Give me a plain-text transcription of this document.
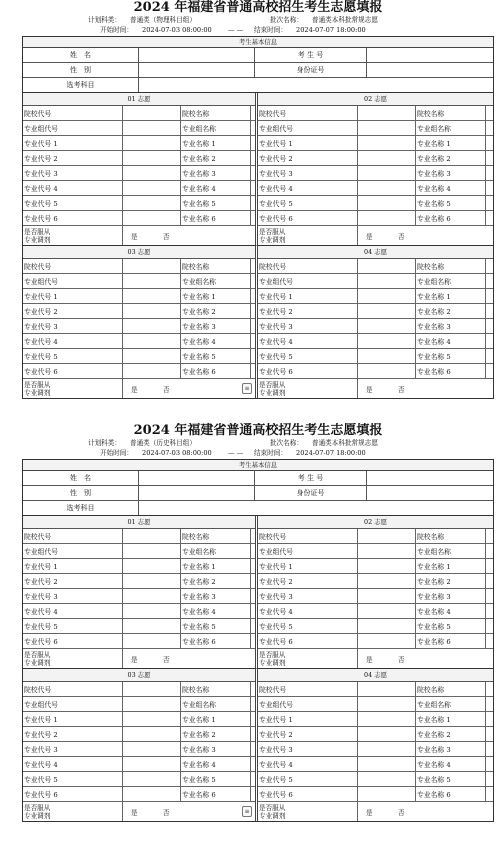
2024 年福建省普通高校招生考生志愿填报
计划科类： 普通类（物理科目组）	批次名称： 普通类本科批常规志愿
开始时间： 2024-07-03 08:00:00 — — 结束时间： 2024-07-07 18:00:00
考生基本信息
姓　名	考 生 号
性　别	身份证号
选考科目
01 志愿
院校代号	院校名称
专业组代号	专业组名称
专业代号 1	专业名称 1
专业代号 2	专业名称 2
专业代号 3	专业名称 3
专业代号 4	专业名称 4
专业代号 5	专业名称 5
专业代号 6	专业名称 6
是否服从
专业调剂	是	否
02 志愿
院校代号	院校名称
专业组代号	专业组名称
专业代号 1	专业名称 1
专业代号 2	专业名称 2
专业代号 3	专业名称 3
专业代号 4	专业名称 4
专业代号 5	专业名称 5
专业代号 6	专业名称 6
是否服从
专业调剂	是	否
03 志愿
院校代号	院校名称
专业组代号	专业组名称
专业代号 1	专业名称 1
专业代号 2	专业名称 2
专业代号 3	专业名称 3
专业代号 4	专业名称 4
专业代号 5	专业名称 5
专业代号 6	专业名称 6
是否服从
专业调剂	是	否	≡
04 志愿
院校代号	院校名称
专业组代号	专业组名称
专业代号 1	专业名称 1
专业代号 2	专业名称 2
专业代号 3	专业名称 3
专业代号 4	专业名称 4
专业代号 5	专业名称 5
专业代号 6	专业名称 6
是否服从
专业调剂	是	否
2024 年福建省普通高校招生考生志愿填报
计划科类： 普通类（历史科目组）	批次名称： 普通类本科批常规志愿
开始时间： 2024-07-03 08:00:00 — — 结束时间： 2024-07-07 18:00:00
考生基本信息
姓　名	考 生 号
性　别	身份证号
选考科目
01 志愿
院校代号	院校名称
专业组代号	专业组名称
专业代号 1	专业名称 1
专业代号 2	专业名称 2
专业代号 3	专业名称 3
专业代号 4	专业名称 4
专业代号 5	专业名称 5
专业代号 6	专业名称 6
是否服从
专业调剂	是	否
02 志愿
院校代号	院校名称
专业组代号	专业组名称
专业代号 1	专业名称 1
专业代号 2	专业名称 2
专业代号 3	专业名称 3
专业代号 4	专业名称 4
专业代号 5	专业名称 5
专业代号 6	专业名称 6
是否服从
专业调剂	是	否
03 志愿
院校代号	院校名称
专业组代号	专业组名称
专业代号 1	专业名称 1
专业代号 2	专业名称 2
专业代号 3	专业名称 3
专业代号 4	专业名称 4
专业代号 5	专业名称 5
专业代号 6	专业名称 6
是否服从
专业调剂	是	否	≡
04 志愿
院校代号	院校名称
专业组代号	专业组名称
专业代号 1	专业名称 1
专业代号 2	专业名称 2
专业代号 3	专业名称 3
专业代号 4	专业名称 4
专业代号 5	专业名称 5
专业代号 6	专业名称 6
是否服从
专业调剂	是	否
